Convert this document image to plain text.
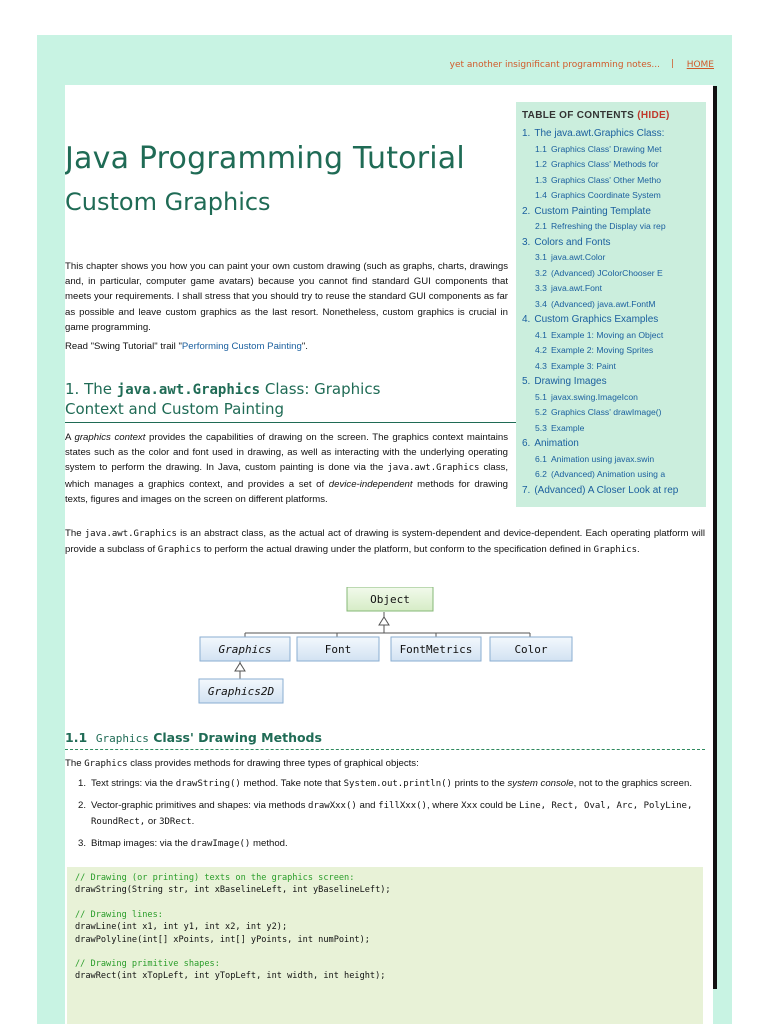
yet another insignificant programming notes... | HOME
Java Programming Tutorial
Custom Graphics

This chapter shows you how you can paint your own custom drawing (such as graphs, charts, drawings and, in particular, computer game avatars) because you cannot find standard GUI components that meets your requirements. I shall stress that you should try to reuse the standard GUI components as far as possible and leave custom graphics as the last resort. Nonetheless, custom graphics is crucial in game programming.

Read "Swing Tutorial" trail "Performing Custom Painting".

1. The java.awt.Graphics Class: Graphics
Context and Custom Painting

A graphics context provides the capabilities of drawing on the screen. The graphics context maintains states such as the color and font used in drawing, as well as interacting with the underlying operating system to perform the drawing. In Java, custom painting is done via the java.awt.Graphics class, which manages a graphics context, and provides a set of device-independent methods for drawing texts, figures and images on the screen on different platforms.

The java.awt.Graphics is an abstract class, as the actual act of drawing is system-dependent and device-dependent. Each operating platform will provide a subclass of Graphics to perform the actual drawing under the platform, but conform to the specification defined in Graphics.

Object
Graphics	Font	FontMetrics	Color
Graphics2D
1.1 Graphics Class' Drawing Methods

The Graphics class provides methods for drawing three types of graphical objects:

1. Text strings: via the drawString() method. Take note that System.out.println() prints to the system console, not to the graphics screen.
2. Vector-graphic primitives and shapes: via methods drawXxx() and fillXxx(), where Xxx could be Line, Rect, Oval, Arc, PolyLine, RoundRect, or 3DRect.
3. Bitmap images: via the drawImage() method.
// Drawing (or printing) texts on the graphics screen:
drawString(String str, int xBaselineLeft, int yBaselineLeft);
// Drawing lines:
drawLine(int x1, int y1, int x2, int y2);
drawPolyline(int[] xPoints, int[] yPoints, int numPoint);
// Drawing primitive shapes:
drawRect(int xTopLeft, int yTopLeft, int width, int height);
TABLE OF CONTENTS (HIDE)
1. The java.awt.Graphics Class:
1.1 Graphics Class' Drawing Met
1.2 Graphics Class' Methods for
1.3 Graphics Class' Other Metho
1.4 Graphics Coordinate System
2. Custom Painting Template
2.1 Refreshing the Display via rep
3. Colors and Fonts
3.1 java.awt.Color
3.2 (Advanced) JColorChooser E
3.3 java.awt.Font
3.4 (Advanced) java.awt.FontM
4. Custom Graphics Examples
4.1 Example 1: Moving an Object
4.2 Example 2: Moving Sprites
4.3 Example 3: Paint
5. Drawing Images
5.1 javax.swing.ImageIcon
5.2 Graphics Class' drawImage()
5.3 Example
6. Animation
6.1 Animation using javax.swin
6.2 (Advanced) Animation using a
7. (Advanced) A Closer Look at rep
